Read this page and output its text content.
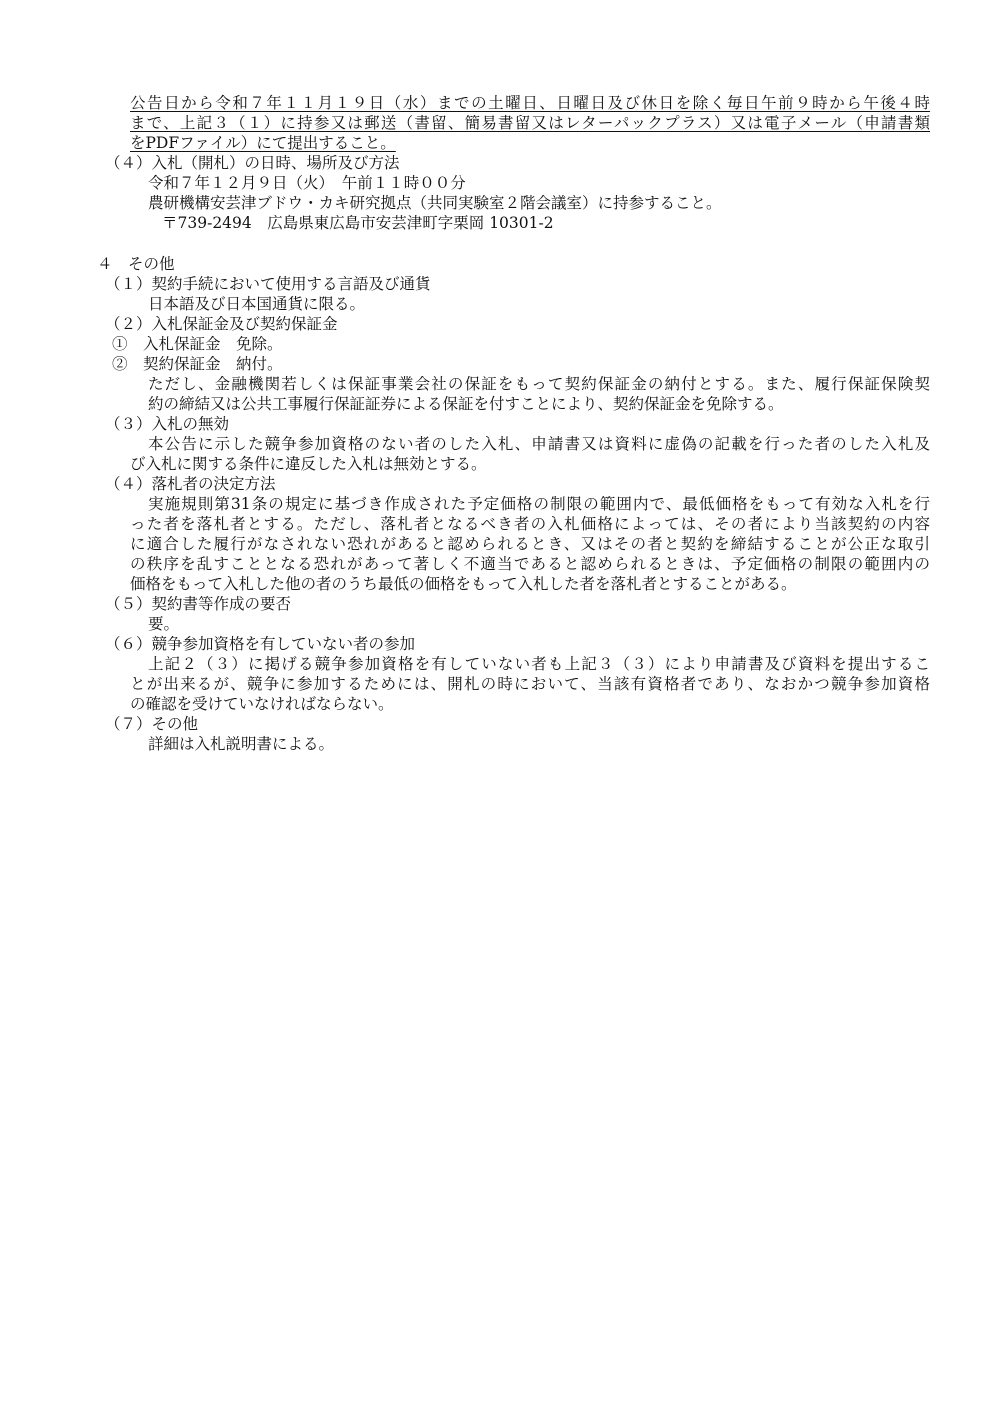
公告日から令和７年１１月１９日（水）までの土曜日、日曜日及び休日を除く毎日午前９時から午後４時
まで、上記３（１）に持参又は郵送（書留、簡易書留又はレターパックプラス）又は電子メール（申請書類
をPDFファイル）にて提出すること。
（４）入札（開札）の日時、場所及び方法
令和７年１２月９日（火）　午前１１時００分
農研機構安芸津ブドウ・カキ研究拠点（共同実験室２階会議室）に持参すること。
〒739-2494　広島県東広島市安芸津町字栗岡 10301-2
４　その他
（１）契約手続において使用する言語及び通貨
日本語及び日本国通貨に限る。
（２）入札保証金及び契約保証金
①　入札保証金　免除。
②　契約保証金　納付。
ただし、金融機関若しくは保証事業会社の保証をもって契約保証金の納付とする。また、履行保証保険契
約の締結又は公共工事履行保証証券による保証を付すことにより、契約保証金を免除する。
（３）入札の無効
本公告に示した競争参加資格のない者のした入札、申請書又は資料に虚偽の記載を行った者のした入札及
び入札に関する条件に違反した入札は無効とする。
（４）落札者の決定方法
実施規則第31条の規定に基づき作成された予定価格の制限の範囲内で、最低価格をもって有効な入札を行
った者を落札者とする。ただし、落札者となるべき者の入札価格によっては、その者により当該契約の内容
に適合した履行がなされない恐れがあると認められるとき、又はその者と契約を締結することが公正な取引
の秩序を乱すこととなる恐れがあって著しく不適当であると認められるときは、予定価格の制限の範囲内の
価格をもって入札した他の者のうち最低の価格をもって入札した者を落札者とすることがある。
（５）契約書等作成の要否
要。
（６）競争参加資格を有していない者の参加
上記２（３）に掲げる競争参加資格を有していない者も上記３（３）により申請書及び資料を提出するこ
とが出来るが、競争に参加するためには、開札の時において、当該有資格者であり、なおかつ競争参加資格
の確認を受けていなければならない。
（７）その他
詳細は入札説明書による。
